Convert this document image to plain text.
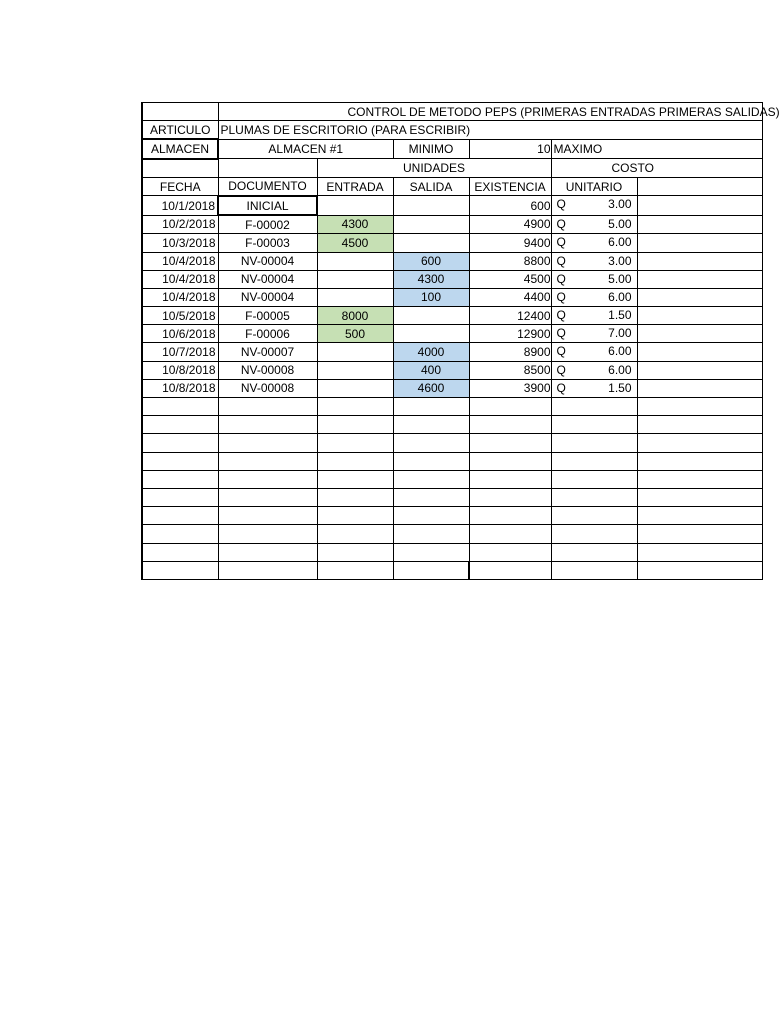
	CONTROL DE METODO PEPS (PRIMERAS ENTRADAS PRIMERAS SALIDAS)					
ARTICULO	PLUMAS DE ESCRITORIO (PARA ESCRIBIR)					
ALMACEN	ALMACEN #1		MINIMO	10	MAXIMO	
		UNIDADES			COSTO	
FECHA	DOCUMENTO	ENTRADA	SALIDA	EXISTENCIA	UNITARIO	
10/1/2018	INICIAL			600	Q 3.00	

10/2/2018	F-00002	4300		4900	Q 5.00	

10/3/2018	F-00003	4500		9400	Q 6.00	

10/4/2018	NV-00004		600	8800	Q 3.00	

10/4/2018	NV-00004		4300	4500	Q 5.00	

10/4/2018	NV-00004		100	4400	Q 6.00	

10/5/2018	F-00005	8000		12400	Q 1.50	

10/6/2018	F-00006	500		12900	Q 7.00	

10/7/2018	NV-00007		4000	8900	Q 6.00	

10/8/2018	NV-00008		400	8500	Q 6.00	

10/8/2018	NV-00008		4600	3900	Q 1.50	
